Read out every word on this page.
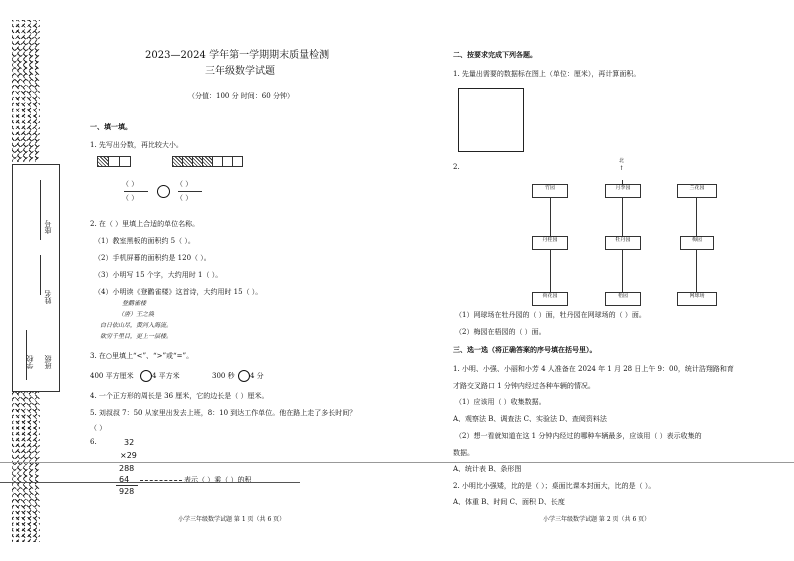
座号
姓名
学校 班级
2023—2024 学年第一学期期末质量检测
三年级数学试题
（分值：100 分 时间：60 分钟）
一、填一填。
1. 先写出分数，再比较大小。
（ ）
（ ）
（ ）
（ ）
2. 在（ ）里填上合适的单位名称。
（1）教室黑板的面积约 5（ ）。
（2）手机屏幕的面积约是 120（ ）。
（3）小明写 15 个字，大约用时 1（ ）。
（4）小明读《登鹳雀楼》这首诗，大约用时 15（ ）。
登鹳雀楼
（唐）王之涣
白日依山尽，黄河入海流。
欲穷千里目，更上一层楼。
3. 在○里填上“<”、“>”或“=”。
400 平方厘米	4 平方米	300 秒 4 分
4. 一个正方形的周长是 36 厘米，它的边长是（ ）厘米。
5. 刘叔叔 7：50 从家里出发去上班，8：10 到达工作单位。他在路上走了多长时间？
（ ）
6.	32
×29
288
64
928
表示（ ）乘（ ）的积
小学三年级数学试题 第 1 页（共 6 页）
二、按要求完成下列各题。
1. 先量出需要的数据标在图上（单位：厘米），再计算面积。
2.
北
↑
竹园	月季园	兰花园
丹桂园	牡丹园	梅园
荷花园	梧园	网球场
（1）网球场在牡丹园的（ ）面，牡丹园在网球场的（ ）面。
（2）梅园在梧园的（ ）面。
三、选一选（将正确答案的序号填在括号里）。
1. 小明、小强、小丽和小芳 4 人准备在 2024 年 1 月 28 日上午 9：00，统计浩翔路和育
才路交叉路口 1 分钟内经过各种车辆的情况。
（1）应该用（ ）收集数据。
A、观察法 B、调查法 C、实验法 D、查阅资料法
（2）想一看就知道在这 1 分钟内经过的哪种车辆最多，应该用（ ）表示收集的
数据。
A、统计表 B、条形图
2. 小明比小强矮，比的是（ ）；桌面比课本封面大，比的是（ ）。
A、体重 B、时间 C、面积 D、长度
小学三年级数学试题 第 2 页（共 6 页）
